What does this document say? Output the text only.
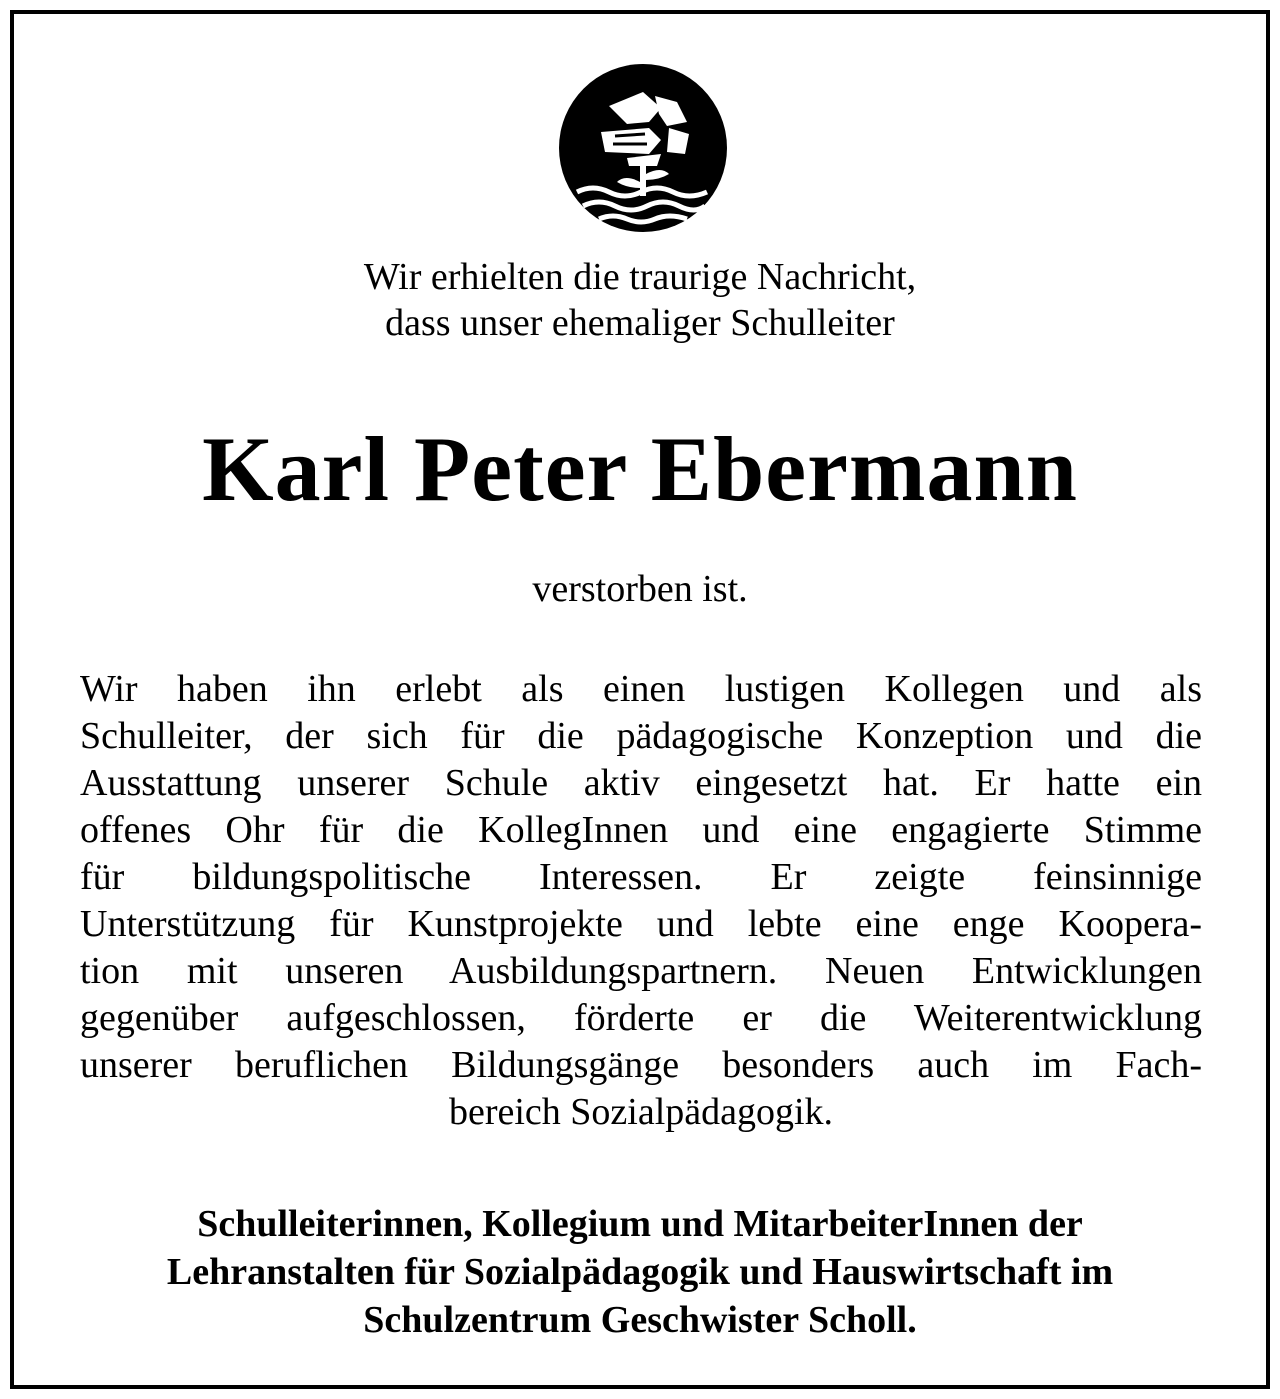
Wir erhielten die traurige Nachricht,
dass unser ehemaliger Schulleiter
Karl Peter Ebermann
verstorben ist.
Wir haben ihn erlebt als einen lustigen Kollegen und als
Schulleiter, der sich für die pädagogische Konzeption und die
Ausstattung unserer Schule aktiv eingesetzt hat. Er hatte ein
offenes Ohr für die KollegInnen und eine engagierte Stimme
für bildungspolitische Interessen. Er zeigte feinsinnige
Unterstützung für Kunstprojekte und lebte eine enge Koopera-
tion mit unseren Ausbildungspartnern. Neuen Entwicklungen
gegenüber aufgeschlossen, förderte er die Weiterentwicklung
unserer beruflichen Bildungsgänge besonders auch im Fach-
bereich Sozialpädagogik.
Schulleiterinnen, Kollegium und MitarbeiterInnen der
Lehranstalten für Sozialpädagogik und Hauswirtschaft im
Schulzentrum Geschwister Scholl.
